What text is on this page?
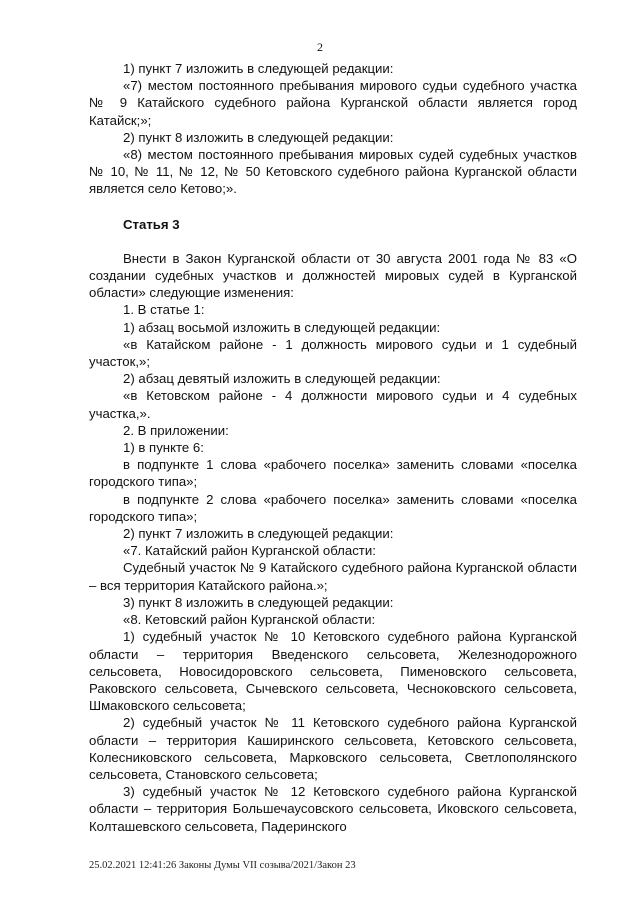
2

1) пункт 7 изложить в следующей редакции:

«7) местом постоянного пребывания мирового судьи судебного участка № 9 Катайского судебного района Курганской области является город Катайск;»;

2) пункт 8 изложить в следующей редакции:

«8) местом постоянного пребывания мировых судей судебных участков № 10, № 11, № 12, № 50 Кетовского судебного района Курганской области является село Кетово;».

Статья 3

Внести в Закон Курганской области от 30 августа 2001 года № 83 «О создании судебных участков и должностей мировых судей в Курганской области» следующие изменения:

1. В статье 1:

1) абзац восьмой изложить в следующей редакции:

«в Катайском районе - 1 должность мирового судьи и 1 судебный участок,»;

2) абзац девятый изложить в следующей редакции:

«в Кетовском районе - 4 должности мирового судьи и 4 судебных участка,».

2. В приложении:

1) в пункте 6:

в подпункте 1 слова «рабочего поселка» заменить словами «поселка городского типа»;

в подпункте 2 слова «рабочего поселка» заменить словами «поселка городского типа»;

2) пункт 7 изложить в следующей редакции:

«7. Катайский район Курганской области:

Судебный участок № 9 Катайского судебного района Курганской области – вся территория Катайского района.»;

3) пункт 8 изложить в следующей редакции:

«8. Кетовский район Курганской области:

1) судебный участок № 10 Кетовского судебного района Курганской области – территория Введенского сельсовета, Железнодорожного сельсовета, Новосидоровского сельсовета, Пименовского сельсовета, Раковского сельсовета, Сычевского сельсовета, Чесноковского сельсовета, Шмаковского сельсовета;

2) судебный участок № 11 Кетовского судебного района Курганской области – территория Каширинского сельсовета, Кетовского сельсовета, Колесниковского сельсовета, Марковского сельсовета, Светлополянского сельсовета, Становского сельсовета;

3) судебный участок № 12 Кетовского судебного района Курганской области – территория Большечаусовского сельсовета, Иковского сельсовета, Колташевского сельсовета, Падеринского

25.02.2021 12:41:26 Законы Думы VII созыва/2021/Закон 23
